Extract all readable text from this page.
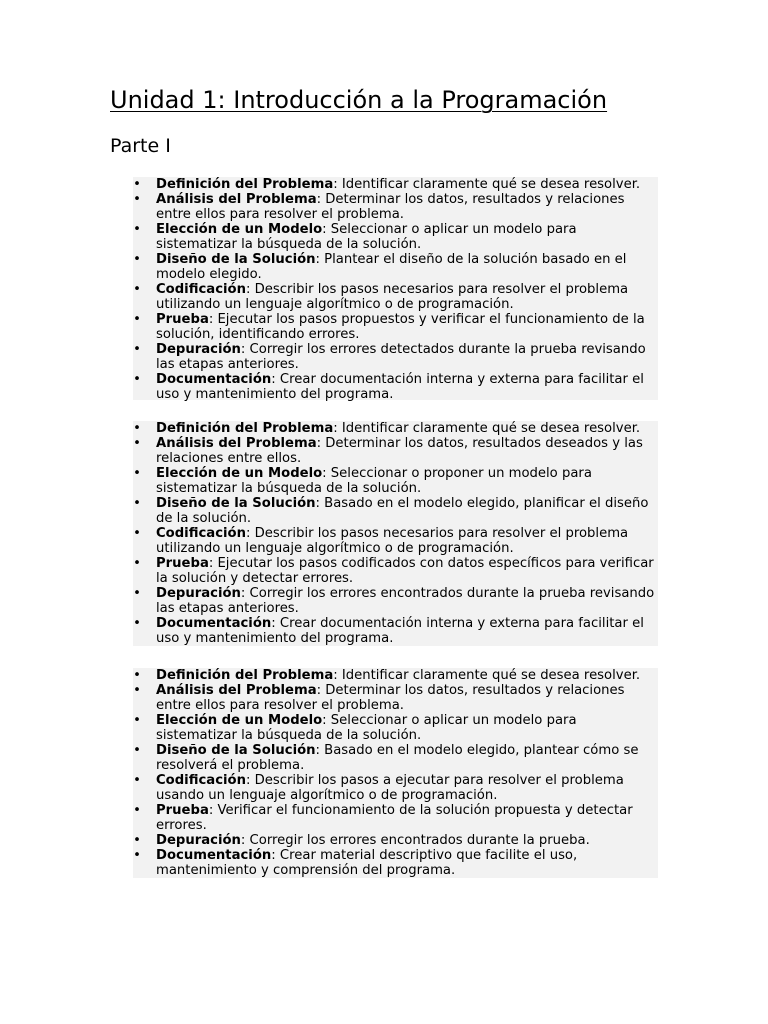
Unidad 1: Introducción a la Programación
Parte I
• Definición del Problema: Identificar claramente qué se desea resolver.
• Análisis del Problema: Determinar los datos, resultados y relaciones entre ellos para resolver el problema.
• Elección de un Modelo: Seleccionar o aplicar un modelo para sistematizar la búsqueda de la solución.
• Diseño de la Solución: Plantear el diseño de la solución basado en el modelo elegido.
• Codificación: Describir los pasos necesarios para resolver el problema utilizando un lenguaje algorítmico o de programación.
• Prueba: Ejecutar los pasos propuestos y verificar el funcionamiento de la solución, identificando errores.
• Depuración: Corregir los errores detectados durante la prueba revisando las etapas anteriores.
• Documentación: Crear documentación interna y externa para facilitar el uso y mantenimiento del programa.
• Definición del Problema: Identificar claramente qué se desea resolver.
• Análisis del Problema: Determinar los datos, resultados deseados y las relaciones entre ellos.
• Elección de un Modelo: Seleccionar o proponer un modelo para sistematizar la búsqueda de la solución.
• Diseño de la Solución: Basado en el modelo elegido, planificar el diseño de la solución.
• Codificación: Describir los pasos necesarios para resolver el problema utilizando un lenguaje algorítmico o de programación.
• Prueba: Ejecutar los pasos codificados con datos específicos para verificar la solución y detectar errores.
• Depuración: Corregir los errores encontrados durante la prueba revisando las etapas anteriores.
• Documentación: Crear documentación interna y externa para facilitar el uso y mantenimiento del programa.
• Definición del Problema: Identificar claramente qué se desea resolver.
• Análisis del Problema: Determinar los datos, resultados y relaciones entre ellos para resolver el problema.
• Elección de un Modelo: Seleccionar o aplicar un modelo para sistematizar la búsqueda de la solución.
• Diseño de la Solución: Basado en el modelo elegido, plantear cómo se resolverá el problema.
• Codificación: Describir los pasos a ejecutar para resolver el problema usando un lenguaje algorítmico o de programación.
• Prueba: Verificar el funcionamiento de la solución propuesta y detectar errores.
• Depuración: Corregir los errores encontrados durante la prueba.
• Documentación: Crear material descriptivo que facilite el uso, mantenimiento y comprensión del programa.
